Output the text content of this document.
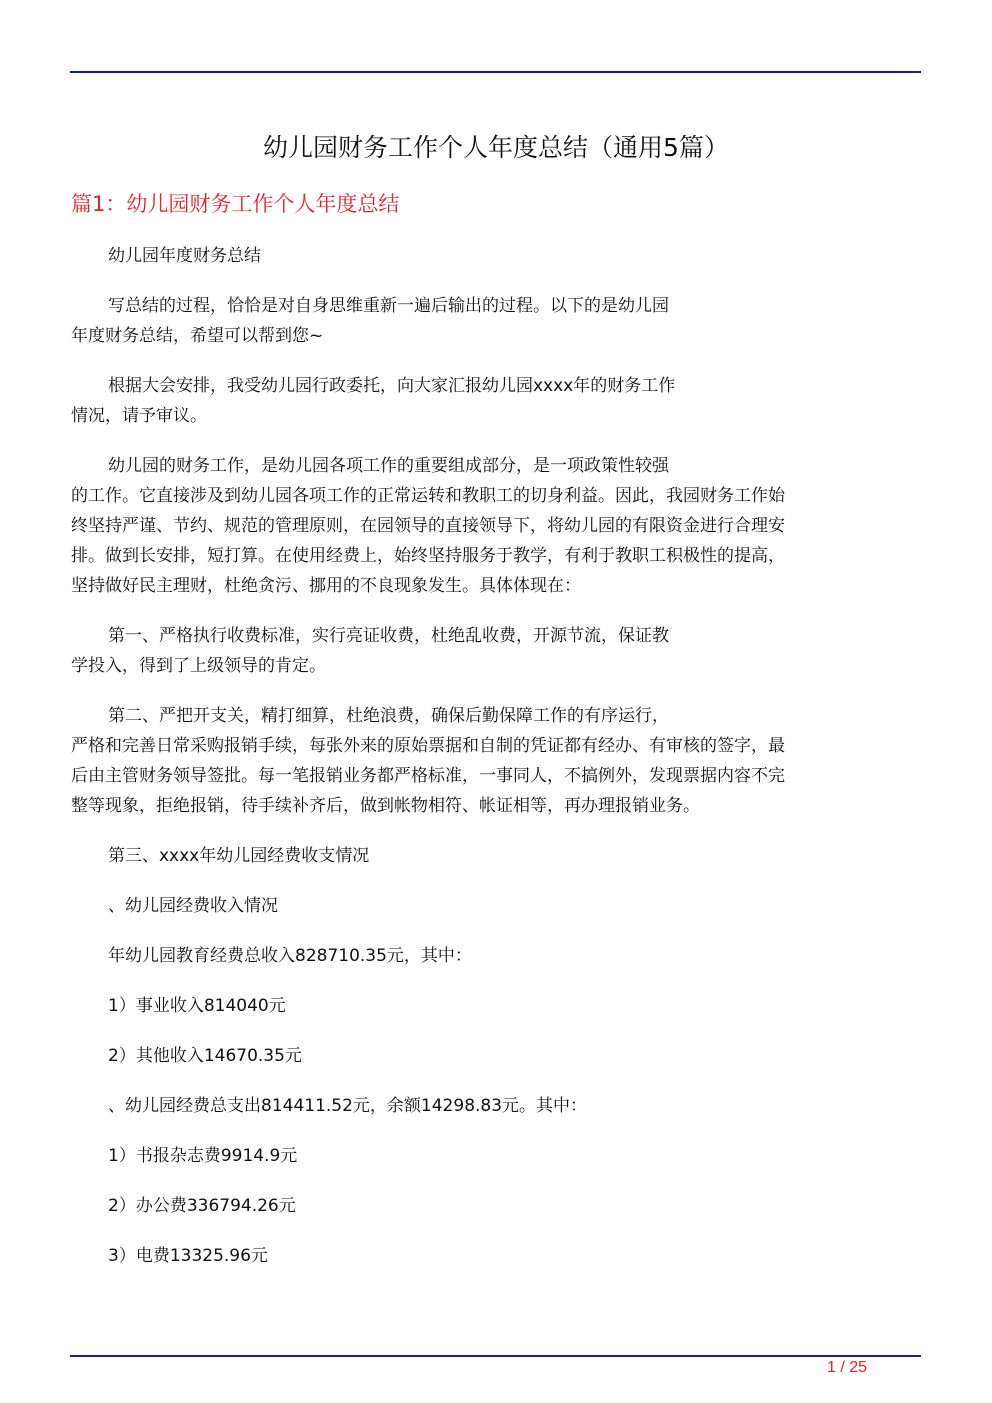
幼儿园财务工作个人年度总结（通用5篇）
篇1：幼儿园财务工作个人年度总结
幼儿园年度财务总结
写总结的过程，恰恰是对自身思维重新一遍后输出的过程。以下的是幼儿园
年度财务总结，希望可以帮到您~
根据大会安排，我受幼儿园行政委托，向大家汇报幼儿园xxxx年的财务工作
情况，请予审议。
幼儿园的财务工作，是幼儿园各项工作的重要组成部分，是一项政策性较强
的工作。它直接涉及到幼儿园各项工作的正常运转和教职工的切身利益。因此，我园财务工作始
终坚持严谨、节约、规范的管理原则，在园领导的直接领导下，将幼儿园的有限资金进行合理安
排。做到长安排，短打算。在使用经费上，始终坚持服务于教学，有利于教职工积极性的提高，
坚持做好民主理财，杜绝贪污、挪用的不良现象发生。具体体现在：
第一、严格执行收费标准，实行亮证收费，杜绝乱收费，开源节流，保证教
学投入，得到了上级领导的肯定。
第二、严把开支关，精打细算，杜绝浪费，确保后勤保障工作的有序运行，
严格和完善日常采购报销手续，每张外来的原始票据和自制的凭证都有经办、有审核的签字，最
后由主管财务领导签批。每一笔报销业务都严格标准，一事同人，不搞例外，发现票据内容不完
整等现象，拒绝报销，待手续补齐后，做到帐物相符、帐证相等，再办理报销业务。
第三、xxxx年幼儿园经费收支情况
、幼儿园经费收入情况
年幼儿园教育经费总收入828710.35元，其中：
1）事业收入814040元
2）其他收入14670.35元
、幼儿园经费总支出814411.52元，余额14298.83元。其中：
1）书报杂志费9914.9元
2）办公费336794.26元
3）电费13325.96元
1 / 25
